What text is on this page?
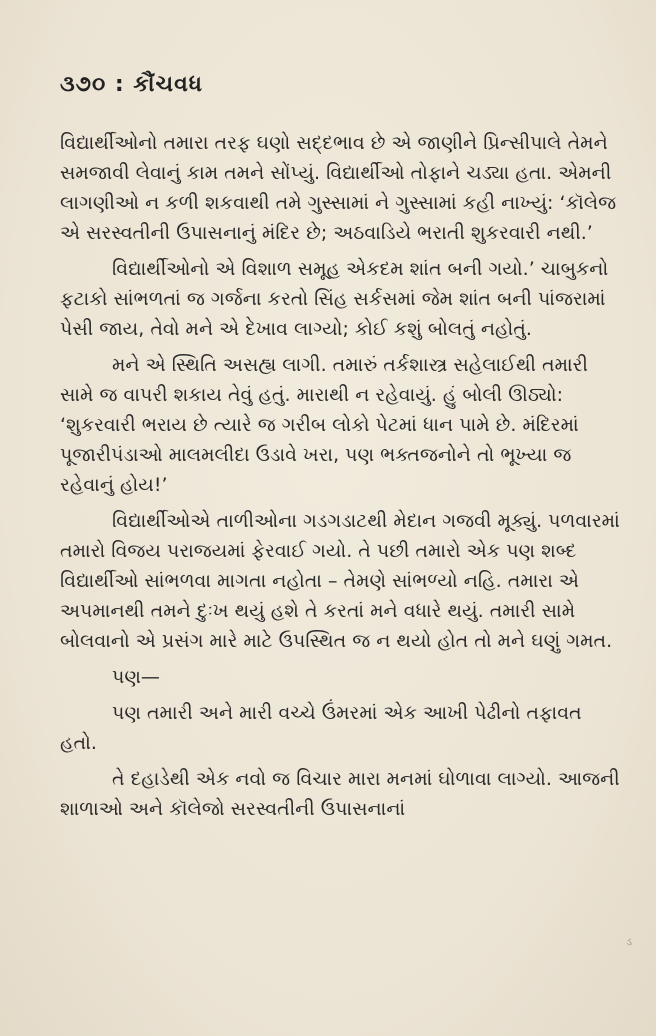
૩૭૦ : કૌંચવધ

વિદ્યાર્થીઓનો તમારા તરફ ઘણો સદ્દભાવ છે એ જાણીને પ્રિન્સીપાલે તેમને સમજાવી લેવાનું કામ તમને સોંપ્યું. વિદ્યાર્થીઓ તોફાને ચડ્યા હતા. એમની લાગણીઓ ન કળી શકવાથી તમે ગુસ્સામાં ને ગુસ્સામાં કહી નાખ્યું: ‘કૉલેજ એ સરસ્વતીની ઉપાસનાનું મંદિર છે; અઠવાડિયે ભરાતી શુકરવારી નથી.’

વિદ્યાર્થીઓનો એ વિશાળ સમૂહ એકદમ શાંત બની ગયો.’ ચાબુકનો ફટાકો સાંભળતાં જ ગર્જના કરતો સિંહ સર્કસમાં જેમ શાંત બની પાંજરામાં પેસી જાય, તેવો મને એ દેખાવ લાગ્યો; કોઈ કશું બોલતું નહોતું.

મને એ સ્થિતિ અસહ્ય લાગી. તમારું તર્કશાસ્ત્ર સહેલાઈથી તમારી સામે જ વાપરી શકાય તેવું હતું. મારાથી ન રહેવાયું. હું બોલી ઊઠ્યો: ‘શુકરવારી ભરાય છે ત્યારે જ ગરીબ લોકો પેટમાં ધાન પામે છે. મંદિરમાં પૂજારીપંડાઓ માલમલીદા ઉડાવે ખરા, પણ ભક્તજનોને તો ભૂખ્યા જ રહેવાનું હોય!’

વિદ્યાર્થીઓએ તાળીઓના ગડગડાટથી મેદાન ગજવી મૂક્યું. પળવારમાં તમારો વિજય પરાજયમાં ફેરવાઈ ગયો. તે પછી તમારો એક પણ શબ્દ વિદ્યાર્થીઓ સાંભળવા માગતા નહોતા – તેમણે સાંભળ્યો નહિ. તમારા એ અપમાનથી તમને દુઃખ થયું હશે તે કરતાં મને વધારે થયું. તમારી સામે બોલવાનો એ પ્રસંગ મારે માટે ઉપસ્થિત જ ન થયો હોત તો મને ઘણું ગમત.

પણ—

પણ તમારી અને મારી વચ્ચે ઉંમરમાં એક આખી પેઢીનો તફાવત હતો.

તે દહાડેથી એક નવો જ વિચાર મારા મનમાં ઘોળાવા લાગ્યો. આજની શાળાઓ અને કૉલેજો સરસ્વતીની ઉપાસનાનાં

ડ
